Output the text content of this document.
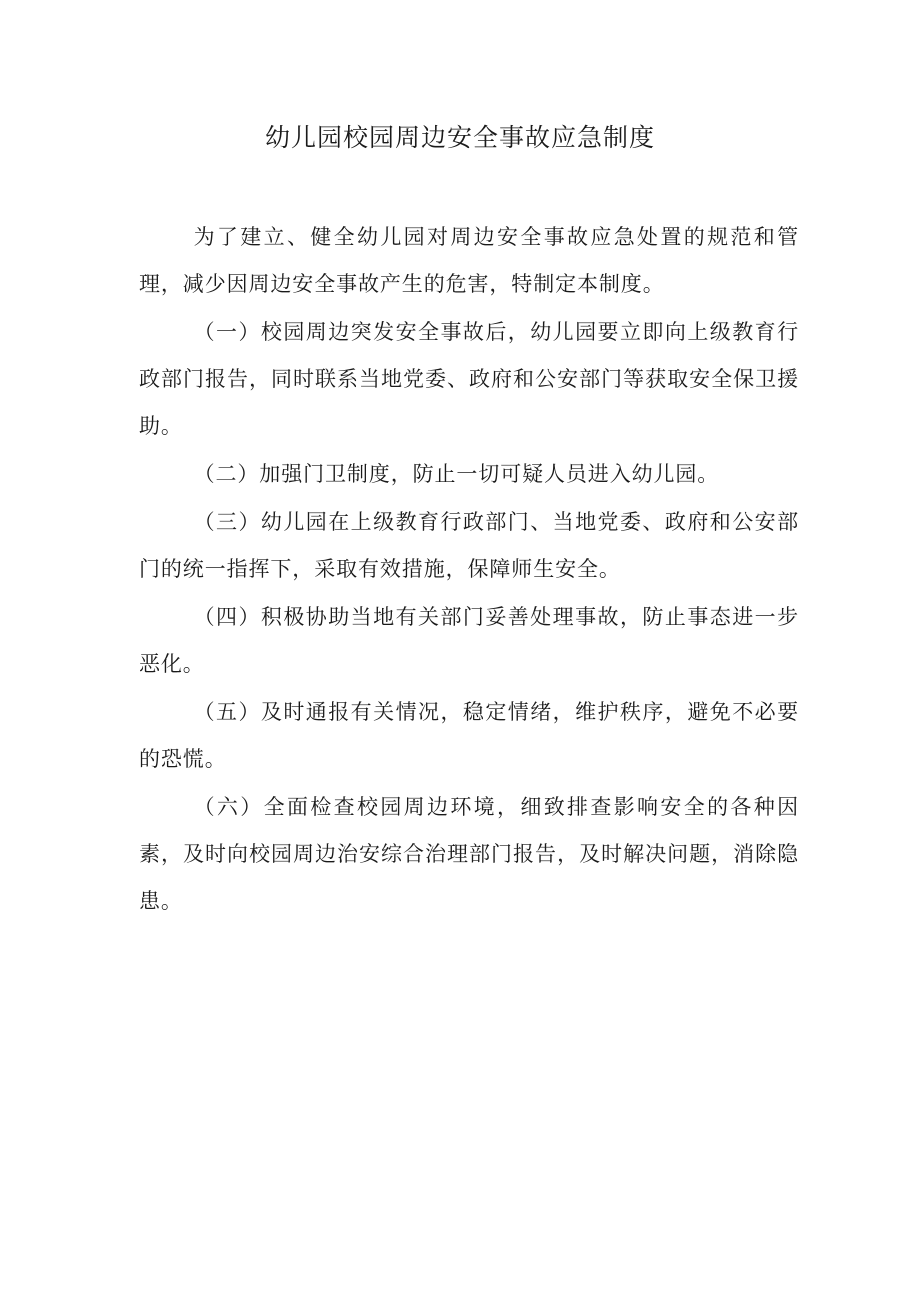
幼儿园校园周边安全事故应急制度

为了建立、健全幼儿园对周边安全事故应急处置的规范和管理，减少因周边安全事故产生的危害，特制定本制度。

（一）校园周边突发安全事故后，幼儿园要立即向上级教育行政部门报告，同时联系当地党委、政府和公安部门等获取安全保卫援助。

（二）加强门卫制度，防止一切可疑人员进入幼儿园。

（三）幼儿园在上级教育行政部门、当地党委、政府和公安部门的统一指挥下，采取有效措施，保障师生安全。

（四）积极协助当地有关部门妥善处理事故，防止事态进一步恶化。

（五）及时通报有关情况，稳定情绪，维护秩序，避免不必要的恐慌。

（六）全面检查校园周边环境，细致排查影响安全的各种因素，及时向校园周边治安综合治理部门报告，及时解决问题，消除隐患。
